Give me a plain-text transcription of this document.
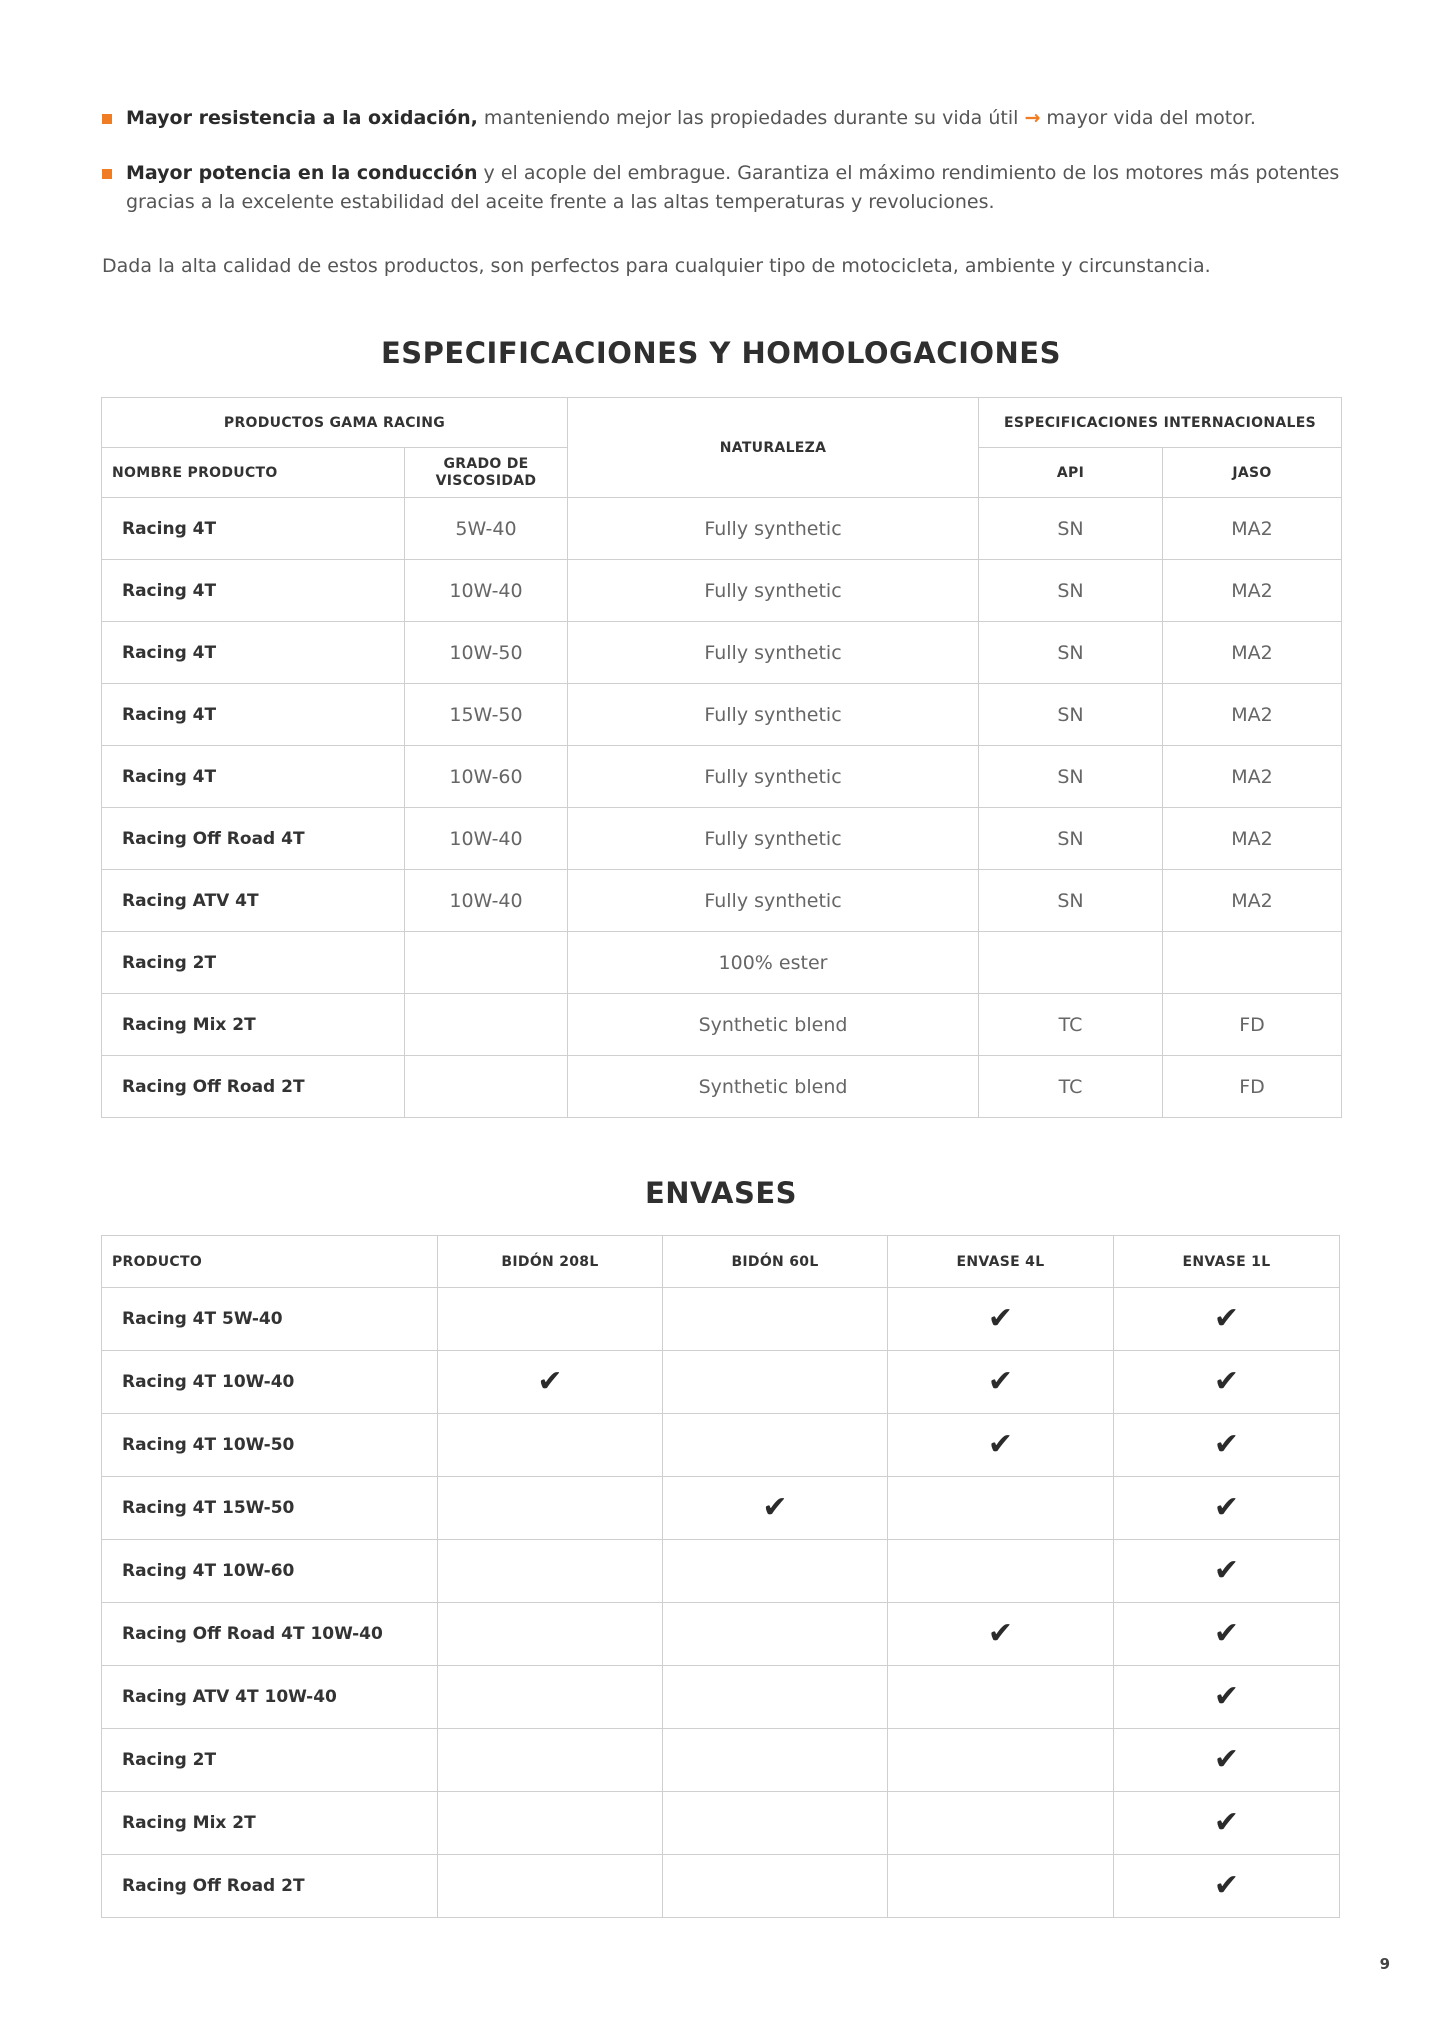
Mayor resistencia a la oxidación, manteniendo mejor las propiedades durante su vida útil → mayor vida del motor.
Mayor potencia en la conducción y el acople del embrague. Garantiza el máximo rendimiento de los motores más potentes gracias a la excelente estabilidad del aceite frente a las altas temperaturas y revoluciones.

Dada la alta calidad de estos productos, son perfectos para cualquier tipo de motocicleta, ambiente y circunstancia.

ESPECIFICACIONES Y HOMOLOGACIONES
PRODUCTOS GAMA RACING		NATURALEZA	ESPECIFICACIONES INTERNACIONALES	
NOMBRE PRODUCTO	GRADO DE VISCOSIDAD		API	JASO
Racing 4T	5W-40	Fully synthetic	SN	MA2
Racing 4T	10W-40	Fully synthetic	SN	MA2
Racing 4T	10W-50	Fully synthetic	SN	MA2
Racing 4T	15W-50	Fully synthetic	SN	MA2
Racing 4T	10W-60	Fully synthetic	SN	MA2
Racing Off Road 4T	10W-40	Fully synthetic	SN	MA2
Racing ATV 4T	10W-40	Fully synthetic	SN	MA2
Racing 2T		100% ester		
Racing Mix 2T		Synthetic blend	TC	FD
Racing Off Road 2T		Synthetic blend	TC	FD
ENVASES
PRODUCTO	BIDÓN 208L	BIDÓN 60L	ENVASE 4L	ENVASE 1L
Racing 4T 5W-40			✔	✔
Racing 4T 10W-40	✔		✔	✔
Racing 4T 10W-50			✔	✔
Racing 4T 15W-50		✔		✔
Racing 4T 10W-60				✔
Racing Off Road 4T 10W-40			✔	✔
Racing ATV 4T 10W-40				✔
Racing 2T				✔
Racing Mix 2T				✔
Racing Off Road 2T				✔
9
